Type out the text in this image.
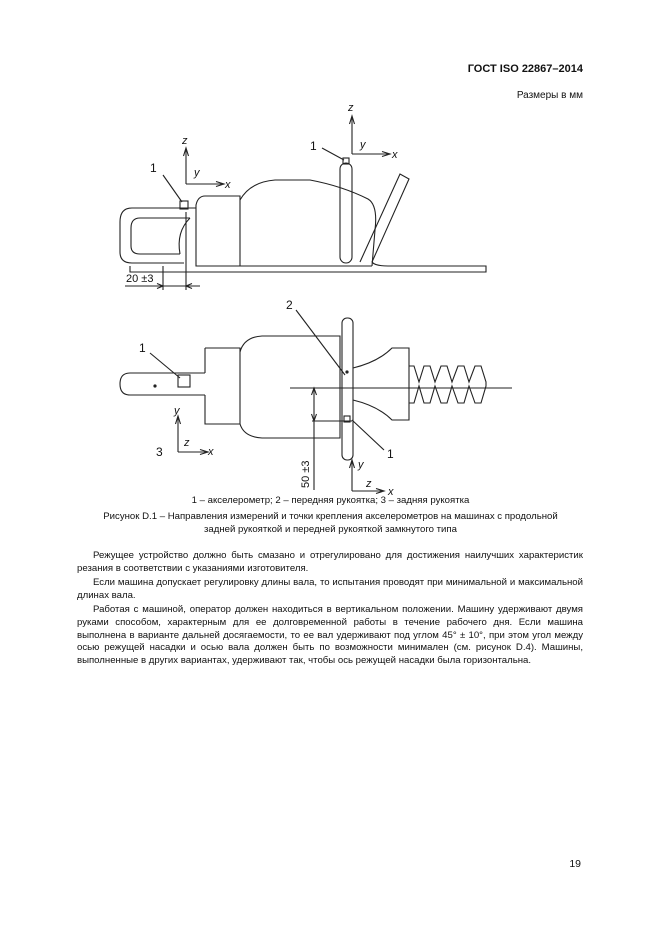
ГОСТ ISO 22867–2014
Размеры в мм
1
1
20 ±3
1
2
3	1
50 ±3
z
y
x
z
y
x
y
z
x
y
z
x
1 – акселерометр; 2 – передняя рукоятка; 3 – задняя рукоятка
Рисунок D.1 – Направления измерений и точки крепления акселерометров на машинах с продольной
задней рукояткой и передней рукояткой замкнутого типа

Режущее устройство должно быть смазано и отрегулировано для достижения наилучших характеристик резания в соответствии с указаниями изготовителя.

Если машина допускает регулировку длины вала, то испытания проводят при минимальной и максимальной длинах вала.

Работая с машиной, оператор должен находиться в вертикальном положении. Машину удерживают двумя руками способом, характерным для ее долговременной работы в течение рабочего дня. Если машина выполнена в варианте дальней досягаемости, то ее вал удерживают под углом 45° ± 10°, при этом угол между осью режущей насадки и осью вала должен быть по возможности минимален (см. рисунок D.4). Машины, выполненные в других вариантах, удерживают так, чтобы ось режущей насадки была горизонтальна.

19
